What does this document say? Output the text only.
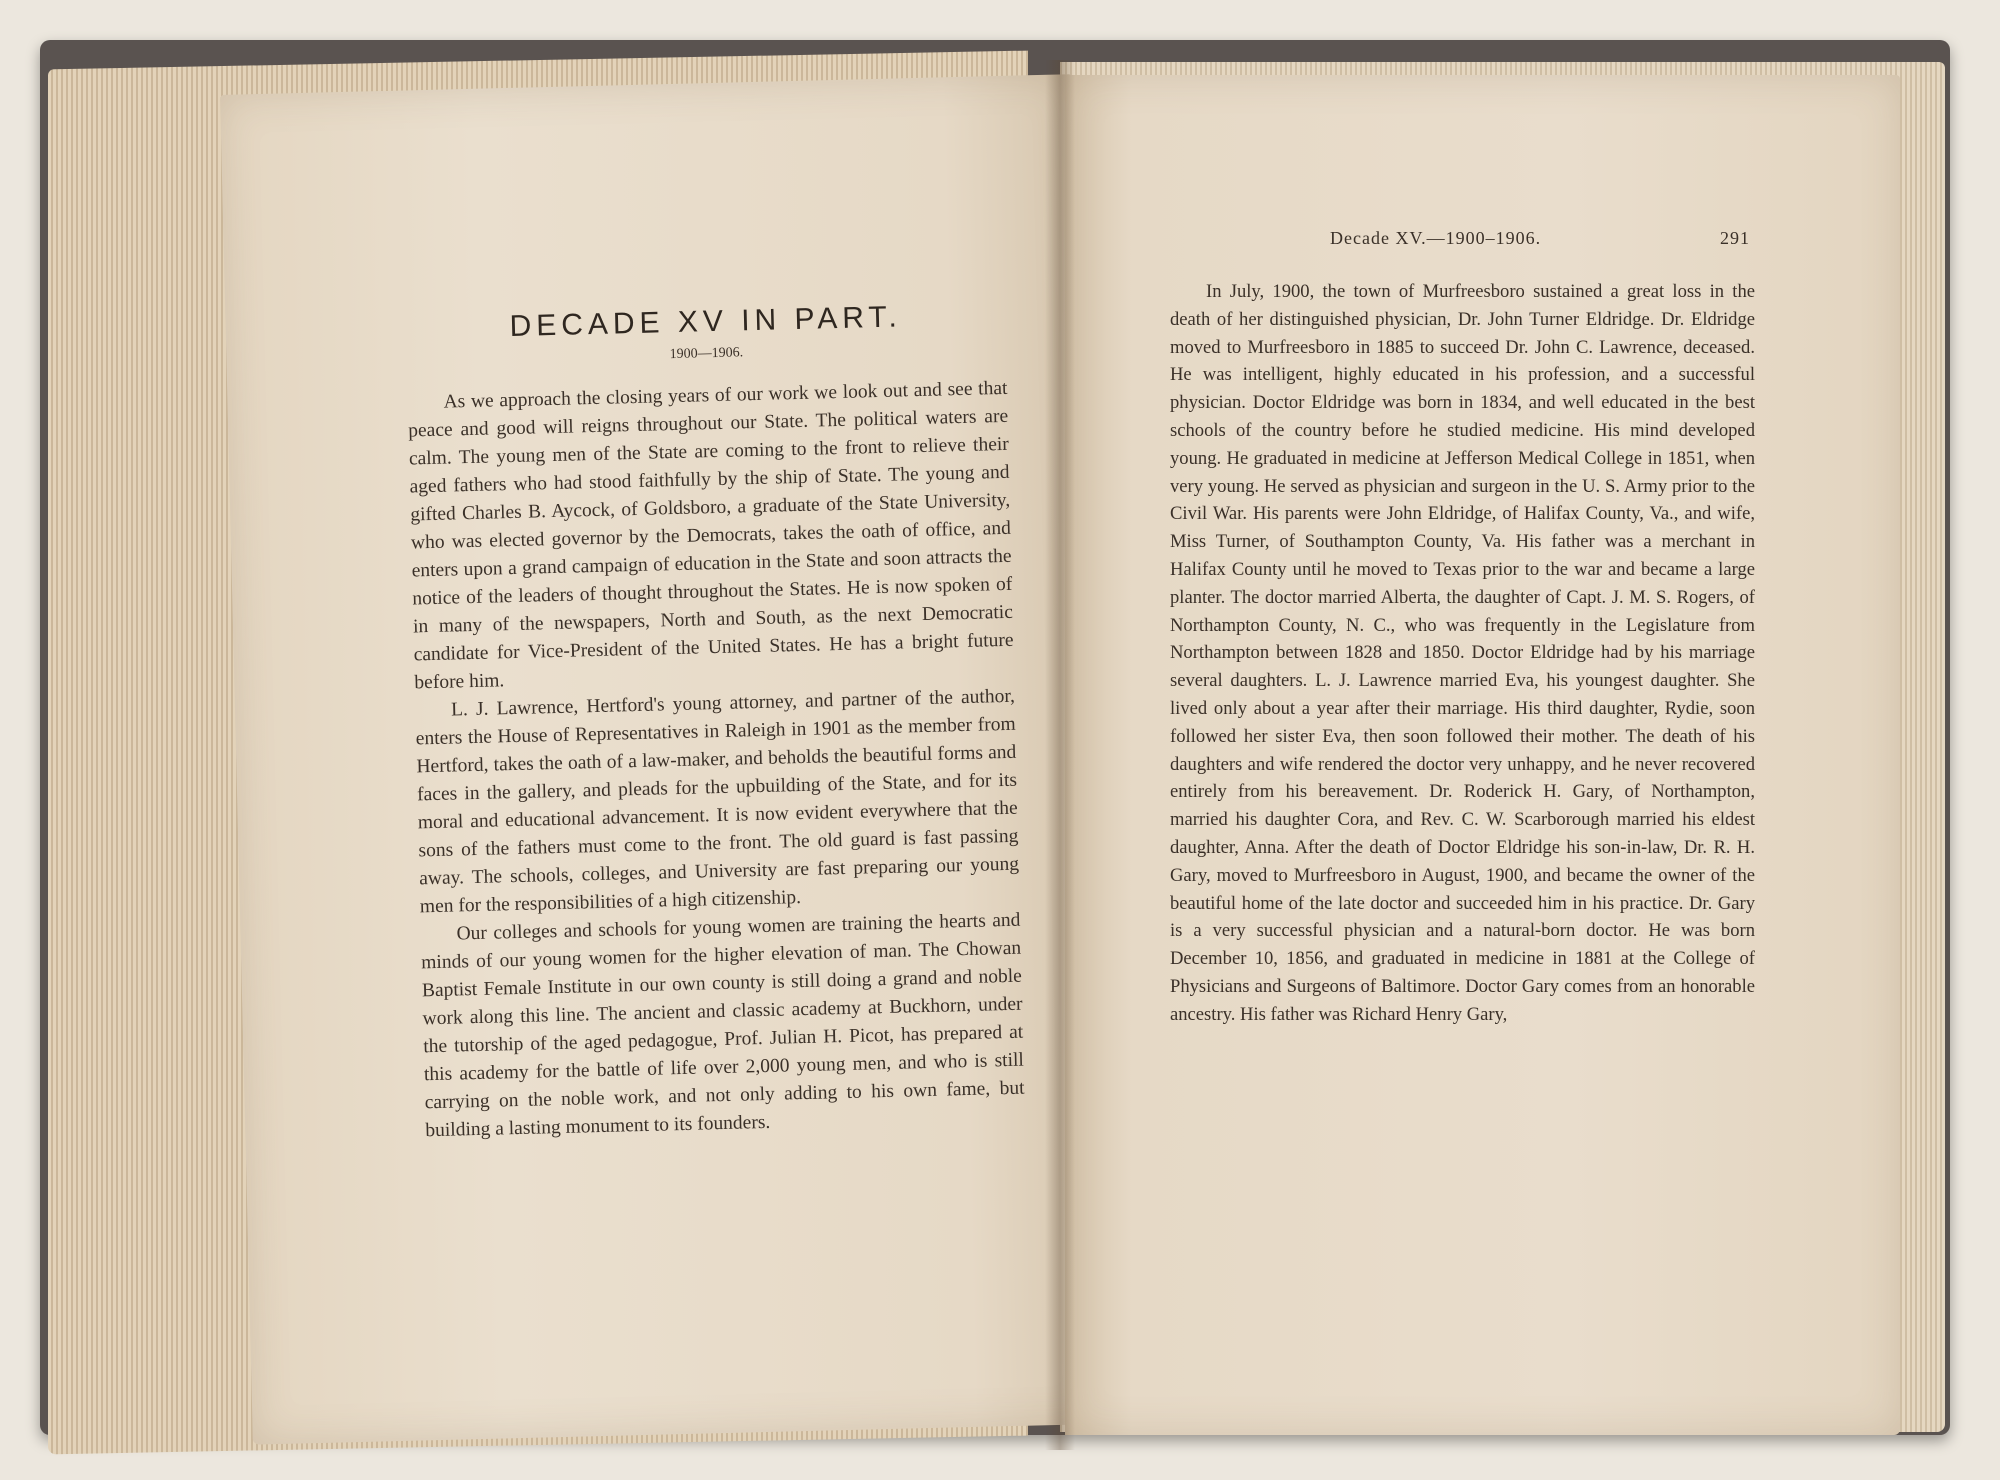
DECADE XV IN PART.
1900—1906.

As we approach the closing years of our work we look out and see that peace and good will reigns throughout our State. The political waters are calm. The young men of the State are coming to the front to relieve their aged fathers who had stood faithfully by the ship of State. The young and gifted Charles B. Aycock, of Goldsboro, a graduate of the State University, who was elected governor by the Democrats, takes the oath of office, and enters upon a grand campaign of education in the State and soon attracts the notice of the leaders of thought throughout the States. He is now spoken of in many of the newspapers, North and South, as the next Democratic candidate for Vice-President of the United States. He has a bright future before him.

L. J. Lawrence, Hertford's young attorney, and partner of the author, enters the House of Representatives in Raleigh in 1901 as the member from Hertford, takes the oath of a law-maker, and beholds the beautiful forms and faces in the gallery, and pleads for the upbuilding of the State, and for its moral and educational advancement. It is now evident everywhere that the sons of the fathers must come to the front. The old guard is fast passing away. The schools, colleges, and University are fast preparing our young men for the responsibilities of a high citizenship.

Our colleges and schools for young women are training the hearts and minds of our young women for the higher elevation of man. The Chowan Baptist Female Institute in our own county is still doing a grand and noble work along this line. The ancient and classic academy at Buckhorn, under the tutorship of the aged pedagogue, Prof. Julian H. Picot, has prepared at this academy for the battle of life over 2,000 young men, and who is still carrying on the noble work, and not only adding to his own fame, but building a lasting monument to its founders.

Decade XV.—1900–1906.	291

In July, 1900, the town of Murfreesboro sustained a great loss in the death of her distinguished physician, Dr. John Turner Eldridge. Dr. Eldridge moved to Murfreesboro in 1885 to succeed Dr. John C. Lawrence, deceased. He was intelligent, highly educated in his profession, and a successful physician. Doctor Eldridge was born in 1834, and well educated in the best schools of the country before he studied medicine. His mind developed young. He graduated in medicine at Jefferson Medical College in 1851, when very young. He served as physician and surgeon in the U. S. Army prior to the Civil War. His parents were John Eldridge, of Halifax County, Va., and wife, Miss Turner, of Southampton County, Va. His father was a merchant in Halifax County until he moved to Texas prior to the war and became a large planter. The doctor married Alberta, the daughter of Capt. J. M. S. Rogers, of Northampton County, N. C., who was frequently in the Legislature from Northampton between 1828 and 1850. Doctor Eldridge had by his marriage several daughters. L. J. Lawrence married Eva, his youngest daughter. She lived only about a year after their marriage. His third daughter, Rydie, soon followed her sister Eva, then soon followed their mother. The death of his daughters and wife rendered the doctor very unhappy, and he never recovered entirely from his bereavement. Dr. Roderick H. Gary, of Northampton, married his daughter Cora, and Rev. C. W. Scarborough married his eldest daughter, Anna. After the death of Doctor Eldridge his son-in-law, Dr. R. H. Gary, moved to Murfreesboro in August, 1900, and became the owner of the beautiful home of the late doctor and succeeded him in his practice. Dr. Gary is a very successful physician and a natural-born doctor. He was born December 10, 1856, and graduated in medicine in 1881 at the College of Physicians and Surgeons of Baltimore. Doctor Gary comes from an honorable ancestry. His father was Richard Henry Gary,
